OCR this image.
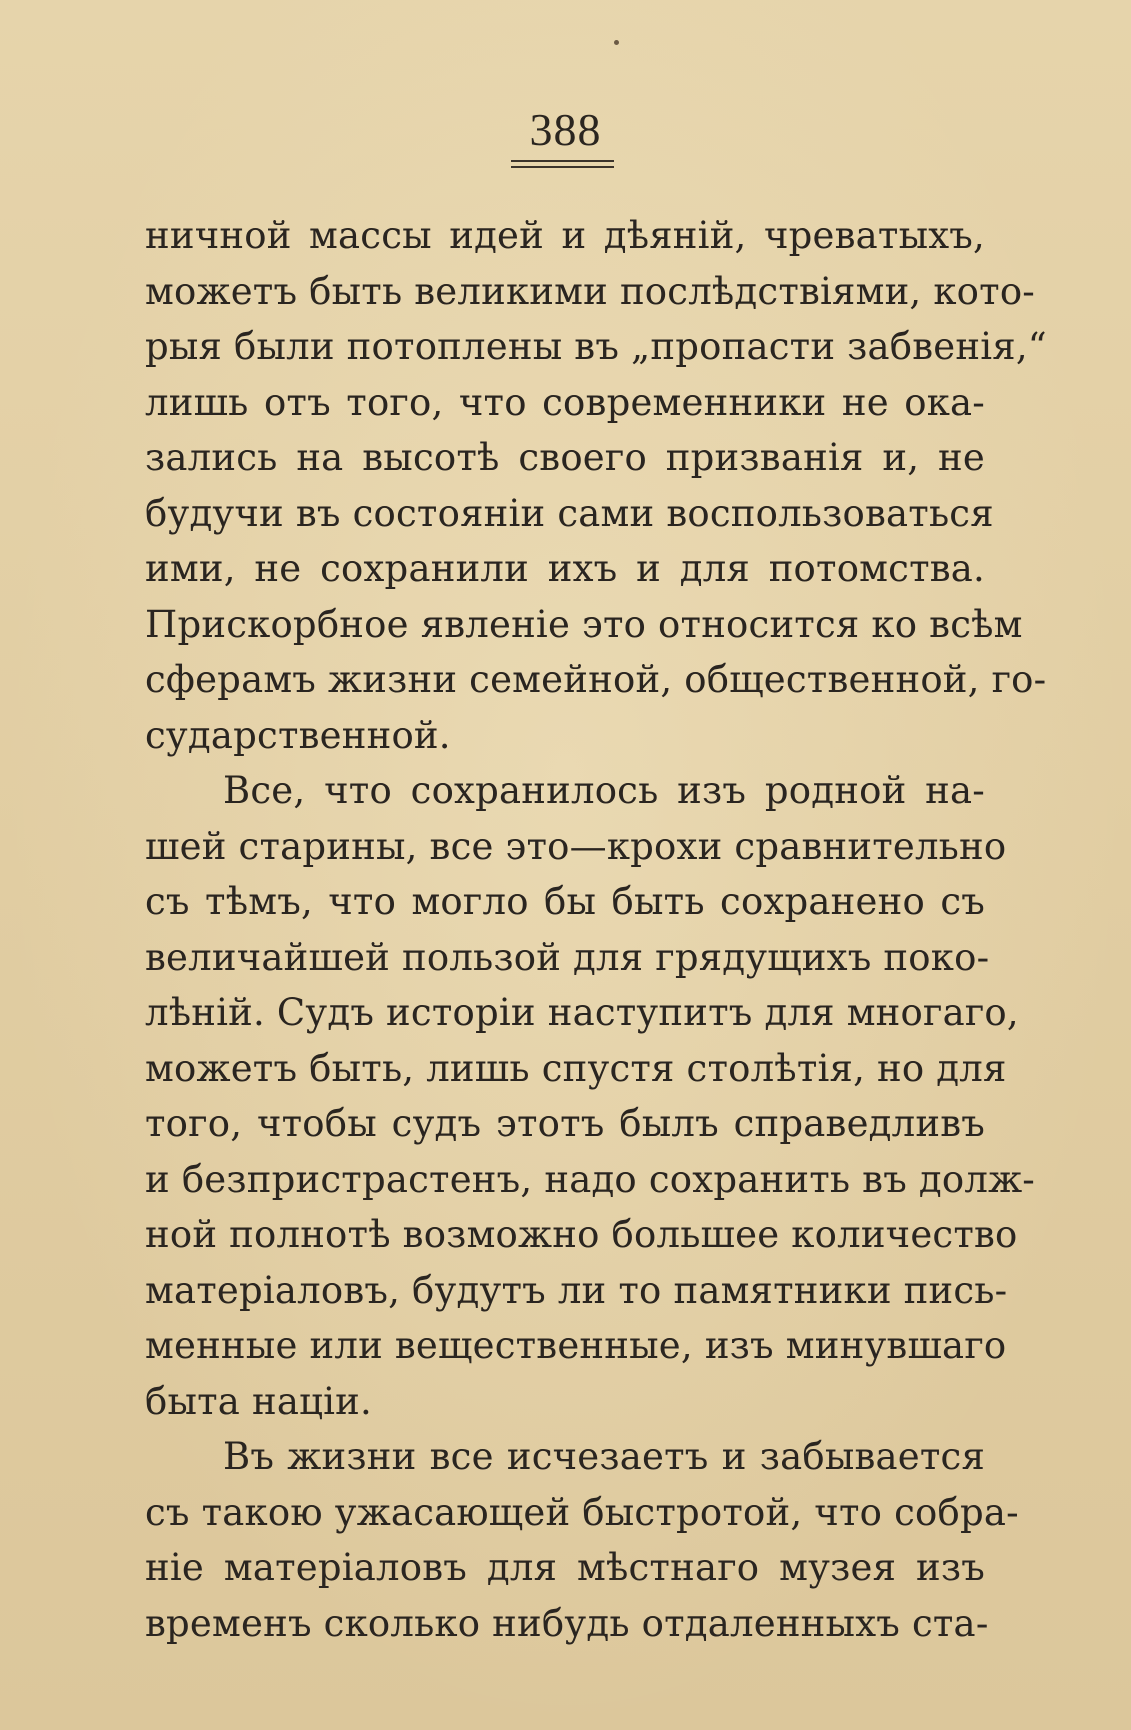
388
ничной массы идей и дѣяній, чреватыхъ,
можетъ быть великими послѣдствіями, кото-
рыя были потоплены въ „пропасти забвенія,“
лишь отъ того, что современники не ока-
зались на высотѣ своего призванія и, не
будучи въ состояніи сами воспользоваться
ими, не сохранили ихъ и для потомства.
Прискорбное явленіе это относится ко всѣм
сферамъ жизни семейной, общественной, го-
сударственной.
Все, что сохранилось изъ родной на-
шей старины, все это—крохи сравнительно
съ тѣмъ, что могло бы быть сохранено съ
величайшей пользой для грядущихъ поко-
лѣній. Судъ исторіи наступитъ для многаго,
можетъ быть, лишь спустя столѣтія, но для
того, чтобы судъ этотъ былъ справедливъ
и безпристрастенъ, надо сохранить въ долж-
ной полнотѣ возможно большее количество
матеріаловъ, будутъ ли то памятники пись-
менные или вещественные, изъ минувшаго
быта націи.
Въ жизни все исчезаетъ и забывается
съ такою ужасающей быстротой, что собра-
ніе матеріаловъ для мѣстнаго музея изъ
временъ сколько нибудь отдаленныхъ ста-
